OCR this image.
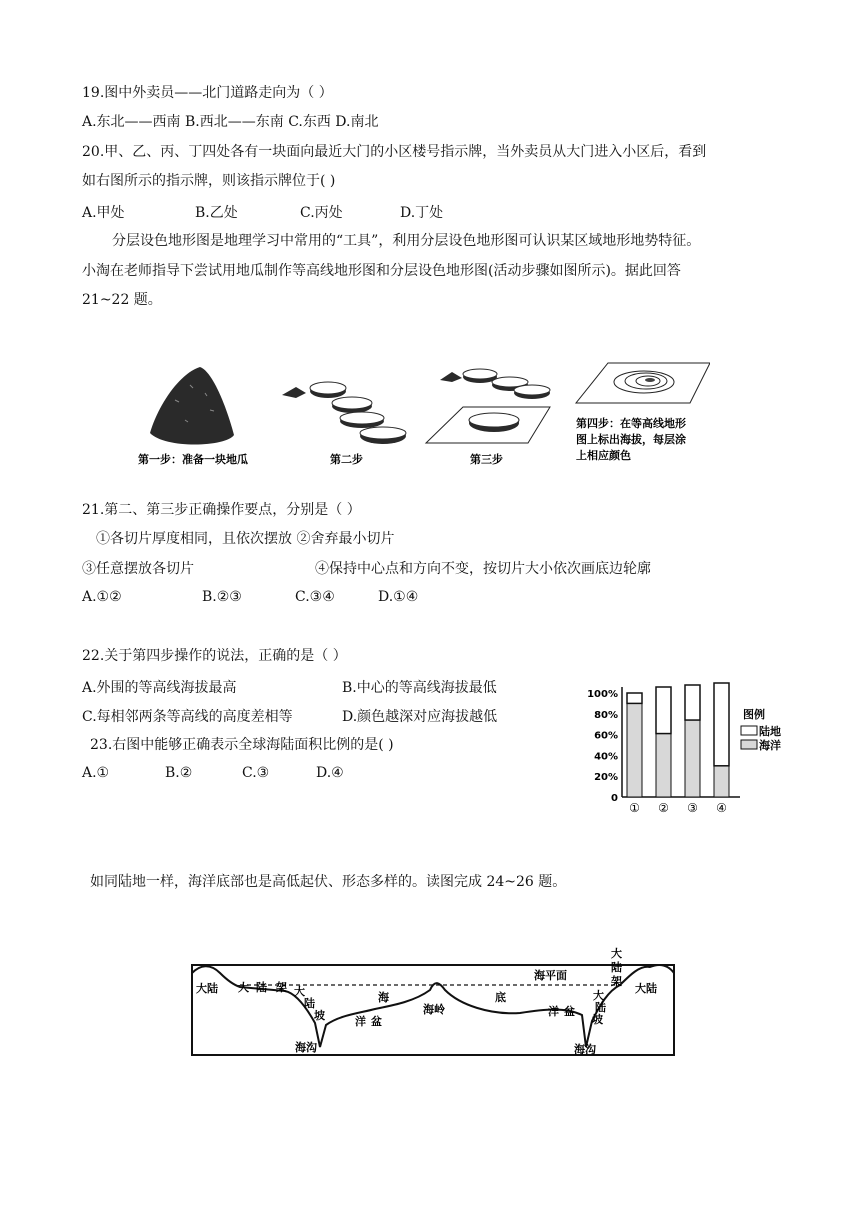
19.图中外卖员——北门道路走向为（ ）
A.东北——西南 B.西北——东南 C.东西 D.南北
20.甲、乙、丙、丁四处各有一块面向最近大门的小区楼号指示牌，当外卖员从大门进入小区后，看到
如右图所示的指示牌，则该指示牌位于( )
A.甲处	B.乙处	C.丙处	D.丁处
分层设色地形图是地理学习中常用的“工具”，利用分层设色地形图可认识某区域地形地势特征。
小淘在老师指导下尝试用地瓜制作等高线地形图和分层设色地形图(活动步骤如图所示)。据此回答
21~22 题。
第一步：准备一块地瓜	第二步	第三步
第四步：在等高线地形
图上标出海拔，每层涂
上相应颜色
21.第二、第三步正确操作要点，分别是（ ）
①各切片厚度相同，且依次摆放 ②舍弃最小切片
③任意摆放各切片	④保持中心点和方向不变，按切片大小依次画底边轮廓
A.①②	B.②③	C.③④	D.①④
22.关于第四步操作的说法，正确的是（ ）
A.外围的等高线海拔最高	B.中心的等高线海拔最低
C.每相邻两条等高线的高度差相等	D.颜色越深对应海拔越低
23.右图中能够正确表示全球海陆面积比例的是( )
A.①	B.②	C.③	D.④
0
20%
40%
60%
80%
100%
① ② ③ ④
图例
陆地
海洋
如同陆地一样，海洋底部也是高低起伏、形态多样的。读图完成 24~26 题。
大陆	大陆
大 陆 架 大
陆
坡
海
洋 盆
海岭
底
洋 盆
海平面
大
陆
架
大
陆
坡
海沟	海沟
